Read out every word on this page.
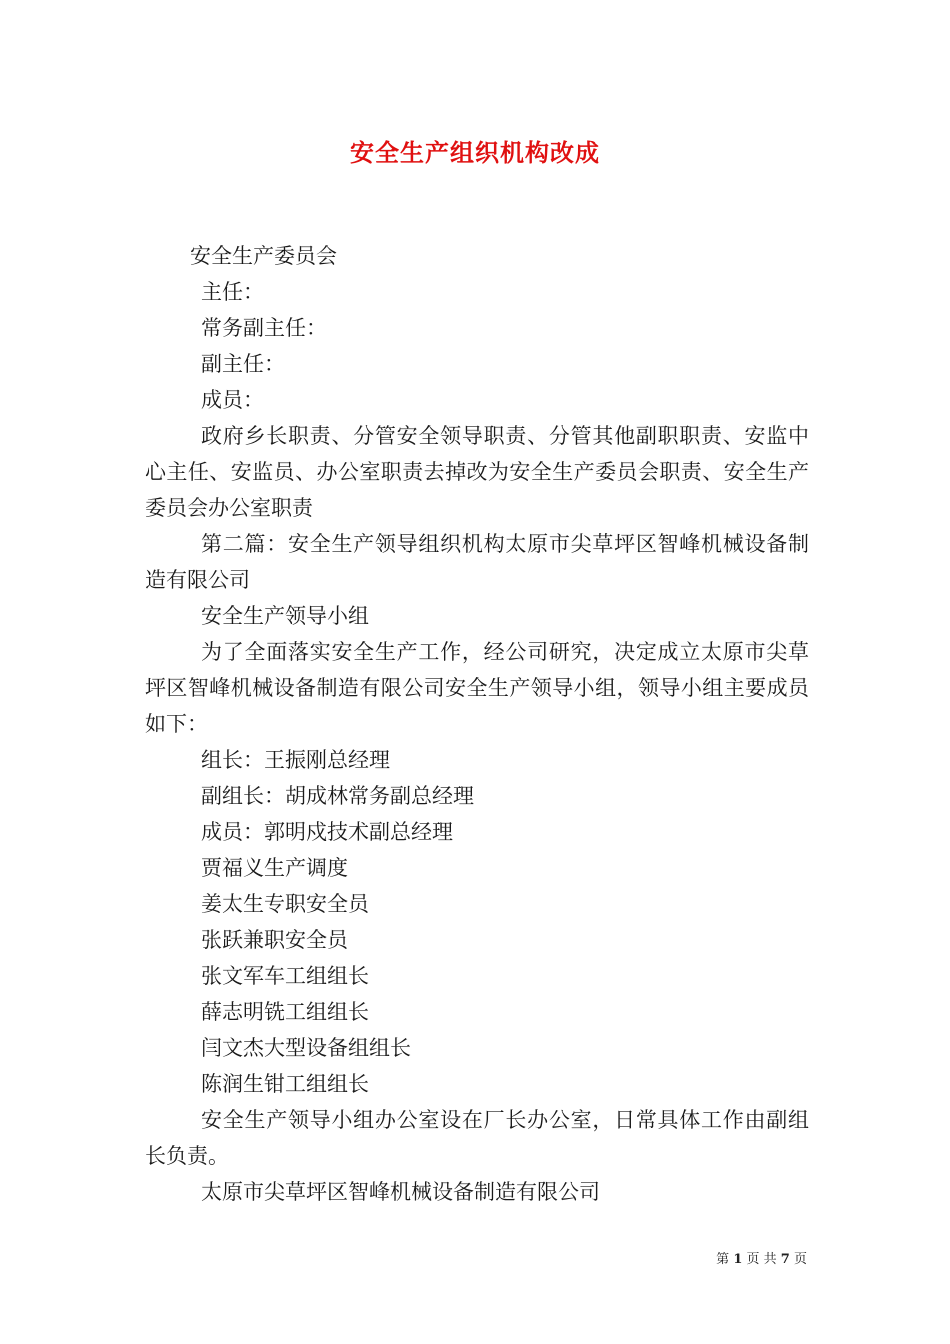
安全生产组织机构改成

安全生产委员会

主任：

常务副主任：

副主任：

成员：

政府乡长职责、分管安全领导职责、分管其他副职职责、安监中心主任、安监员、办公室职责去掉改为安全生产委员会职责、安全生产委员会办公室职责

第二篇：安全生产领导组织机构太原市尖草坪区智峰机械设备制造有限公司

安全生产领导小组

为了全面落实安全生产工作，经公司研究，决定成立太原市尖草坪区智峰机械设备制造有限公司安全生产领导小组，领导小组主要成员如下：

组长：王振刚总经理

副组长：胡成林常务副总经理

成员：郭明戍技术副总经理

贾福义生产调度

姜太生专职安全员

张跃兼职安全员

张文军车工组组长

薛志明铣工组组长

闫文杰大型设备组组长

陈润生钳工组组长

安全生产领导小组办公室设在厂长办公室，日常具体工作由副组长负责。

太原市尖草坪区智峰机械设备制造有限公司

第 1 页 共 7 页
